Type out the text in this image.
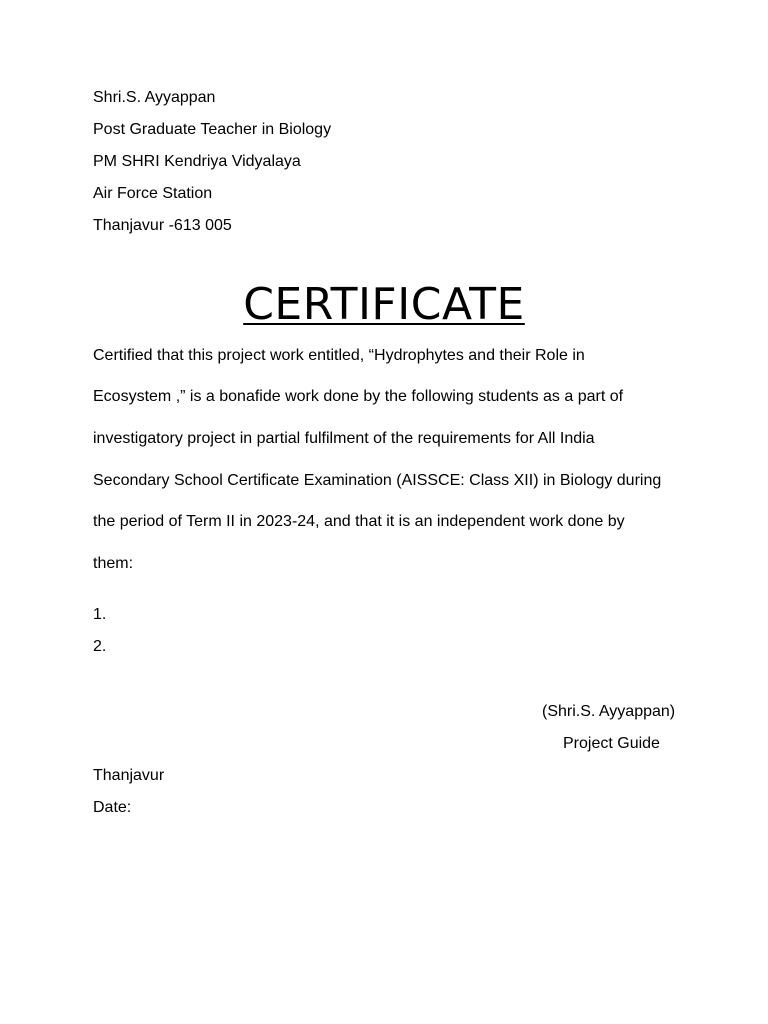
Shri.S. Ayyappan
Post Graduate Teacher in Biology
PM SHRI Kendriya Vidyalaya
Air Force Station
Thanjavur -613 005
CERTIFICATE
Certified that this project work entitled, “Hydrophytes and their Role in
Ecosystem ,” is a bonafide work done by the following students as a part of
investigatory project in partial fulfilment of the requirements for All India
Secondary School Certificate Examination (AISSCE: Class XII) in Biology during
the period of Term II in 2023-24, and that it is an independent work done by
them:
1.
2.
(Shri.S. Ayyappan)
Project Guide
Thanjavur
Date:
